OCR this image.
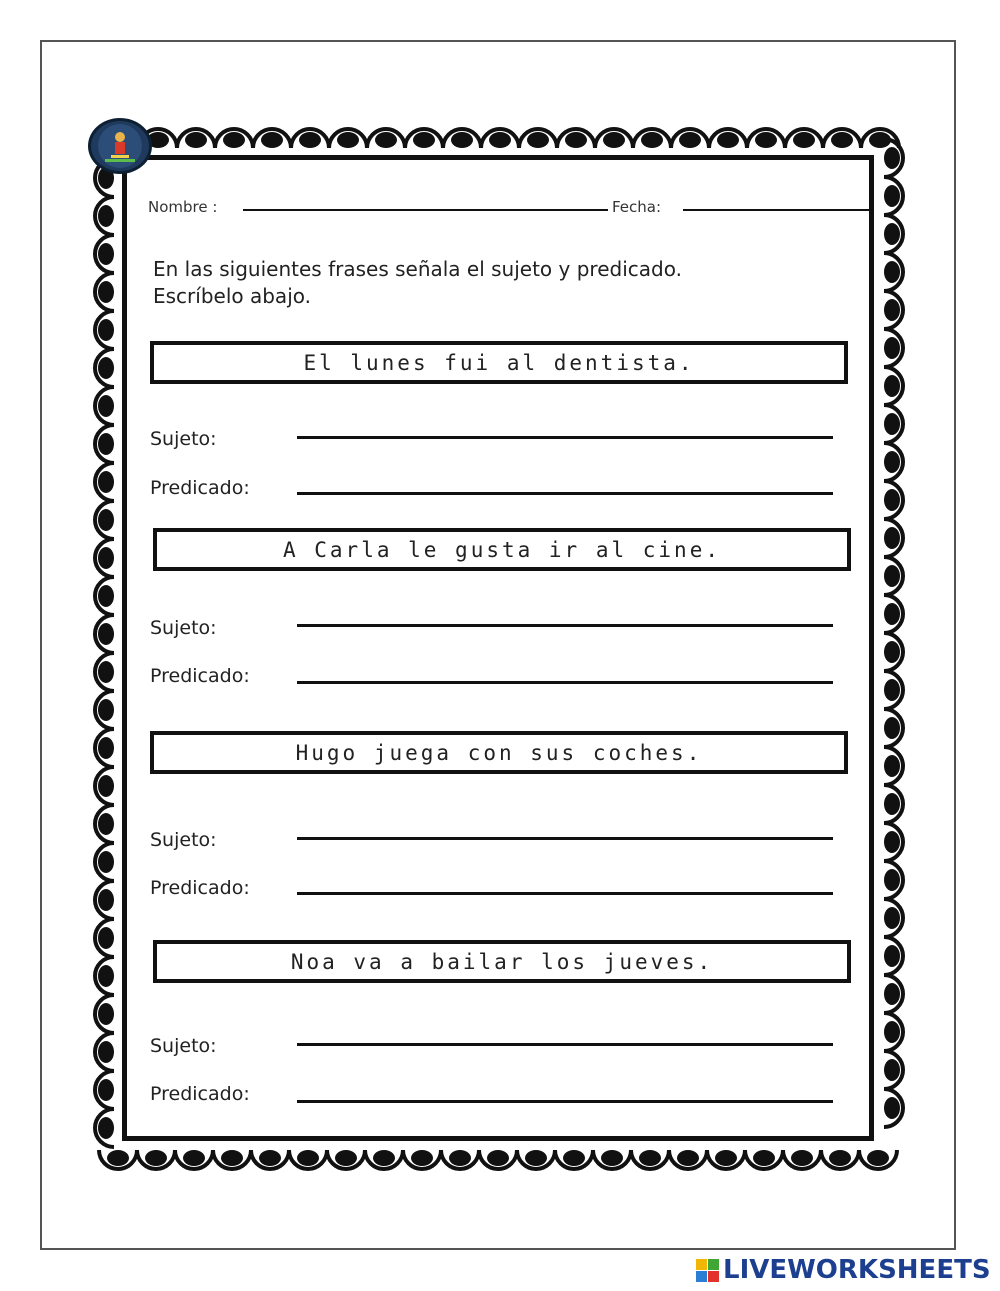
Nombre :	Fecha:
En las siguientes frases señala el sujeto y predicado.
Escríbelo abajo.
El lunes fui al dentista.
Sujeto:
Predicado:
A Carla le gusta ir al cine.
Sujeto:
Predicado:
Hugo juega con sus coches.
Sujeto:
Predicado:
Noa va a bailar los jueves.
Sujeto:
Predicado:
LIVEWORKSHEETS
